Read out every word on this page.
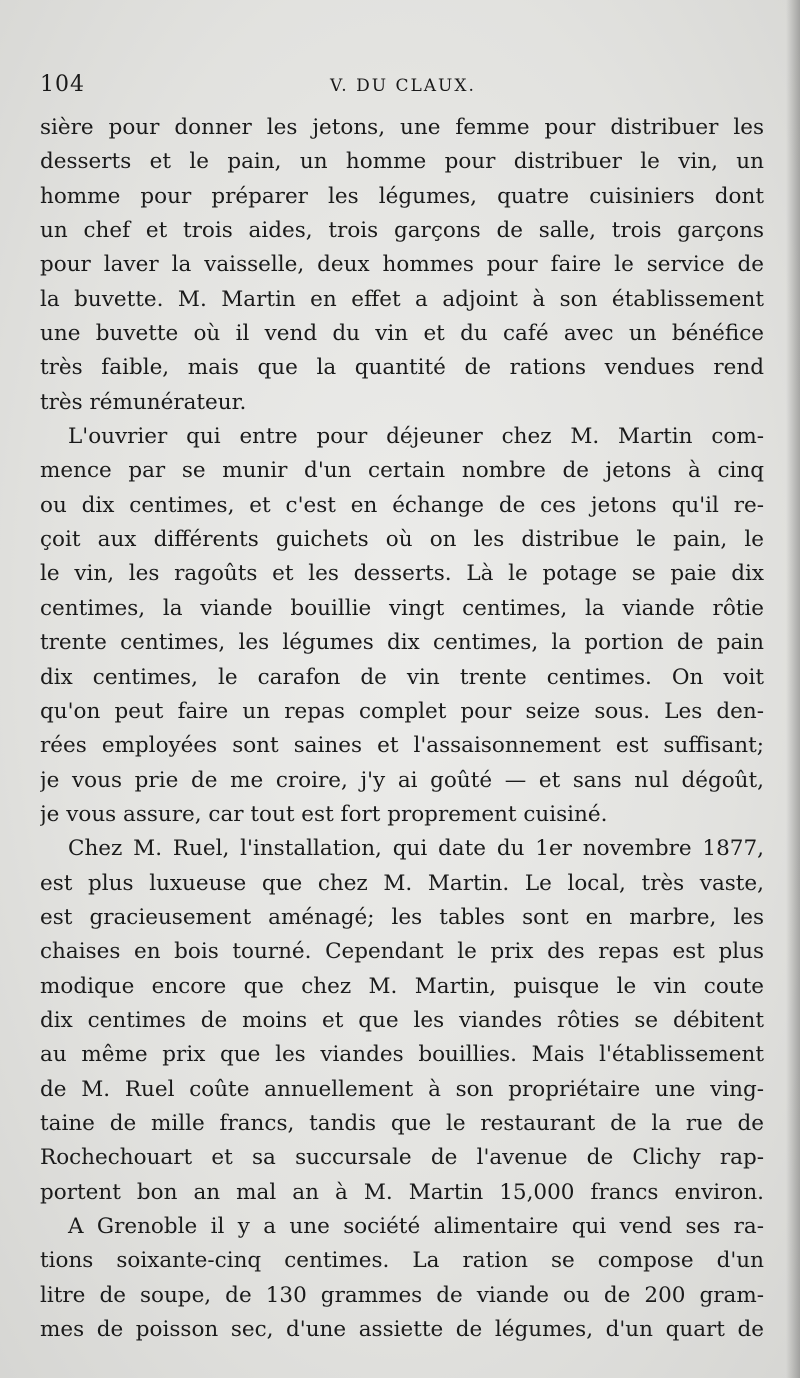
104	V. DU CLAUX.
sière pour donner les jetons, une femme pour distribuer les
desserts et le pain, un homme pour distribuer le vin, un
homme pour préparer les légumes, quatre cuisiniers dont
un chef et trois aides, trois garçons de salle, trois garçons
pour laver la vaisselle, deux hommes pour faire le service de
la buvette. M. Martin en effet a adjoint à son établissement
une buvette où il vend du vin et du café avec un bénéfice
très faible, mais que la quantité de rations vendues rend
très rémunérateur.
L'ouvrier qui entre pour déjeuner chez M. Martin com-
mence par se munir d'un certain nombre de jetons à cinq
ou dix centimes, et c'est en échange de ces jetons qu'il re-
çoit aux différents guichets où on les distribue le pain, le
le vin, les ragoûts et les desserts. Là le potage se paie dix
centimes, la viande bouillie vingt centimes, la viande rôtie
trente centimes, les légumes dix centimes, la portion de pain
dix centimes, le carafon de vin trente centimes. On voit
qu'on peut faire un repas complet pour seize sous. Les den-
rées employées sont saines et l'assaisonnement est suffisant;
je vous prie de me croire, j'y ai goûté — et sans nul dégoût,
je vous assure, car tout est fort proprement cuisiné.
Chez M. Ruel, l'installation, qui date du 1er novembre 1877,
est plus luxueuse que chez M. Martin. Le local, très vaste,
est gracieusement aménagé; les tables sont en marbre, les
chaises en bois tourné. Cependant le prix des repas est plus
modique encore que chez M. Martin, puisque le vin coute
dix centimes de moins et que les viandes rôties se débitent
au même prix que les viandes bouillies. Mais l'établissement
de M. Ruel coûte annuellement à son propriétaire une ving-
taine de mille francs, tandis que le restaurant de la rue de
Rochechouart et sa succursale de l'avenue de Clichy rap-
portent bon an mal an à M. Martin 15,000 francs environ.
A Grenoble il y a une société alimentaire qui vend ses ra-
tions soixante-cinq centimes. La ration se compose d'un
litre de soupe, de 130 grammes de viande ou de 200 gram-
mes de poisson sec, d'une assiette de légumes, d'un quart de
